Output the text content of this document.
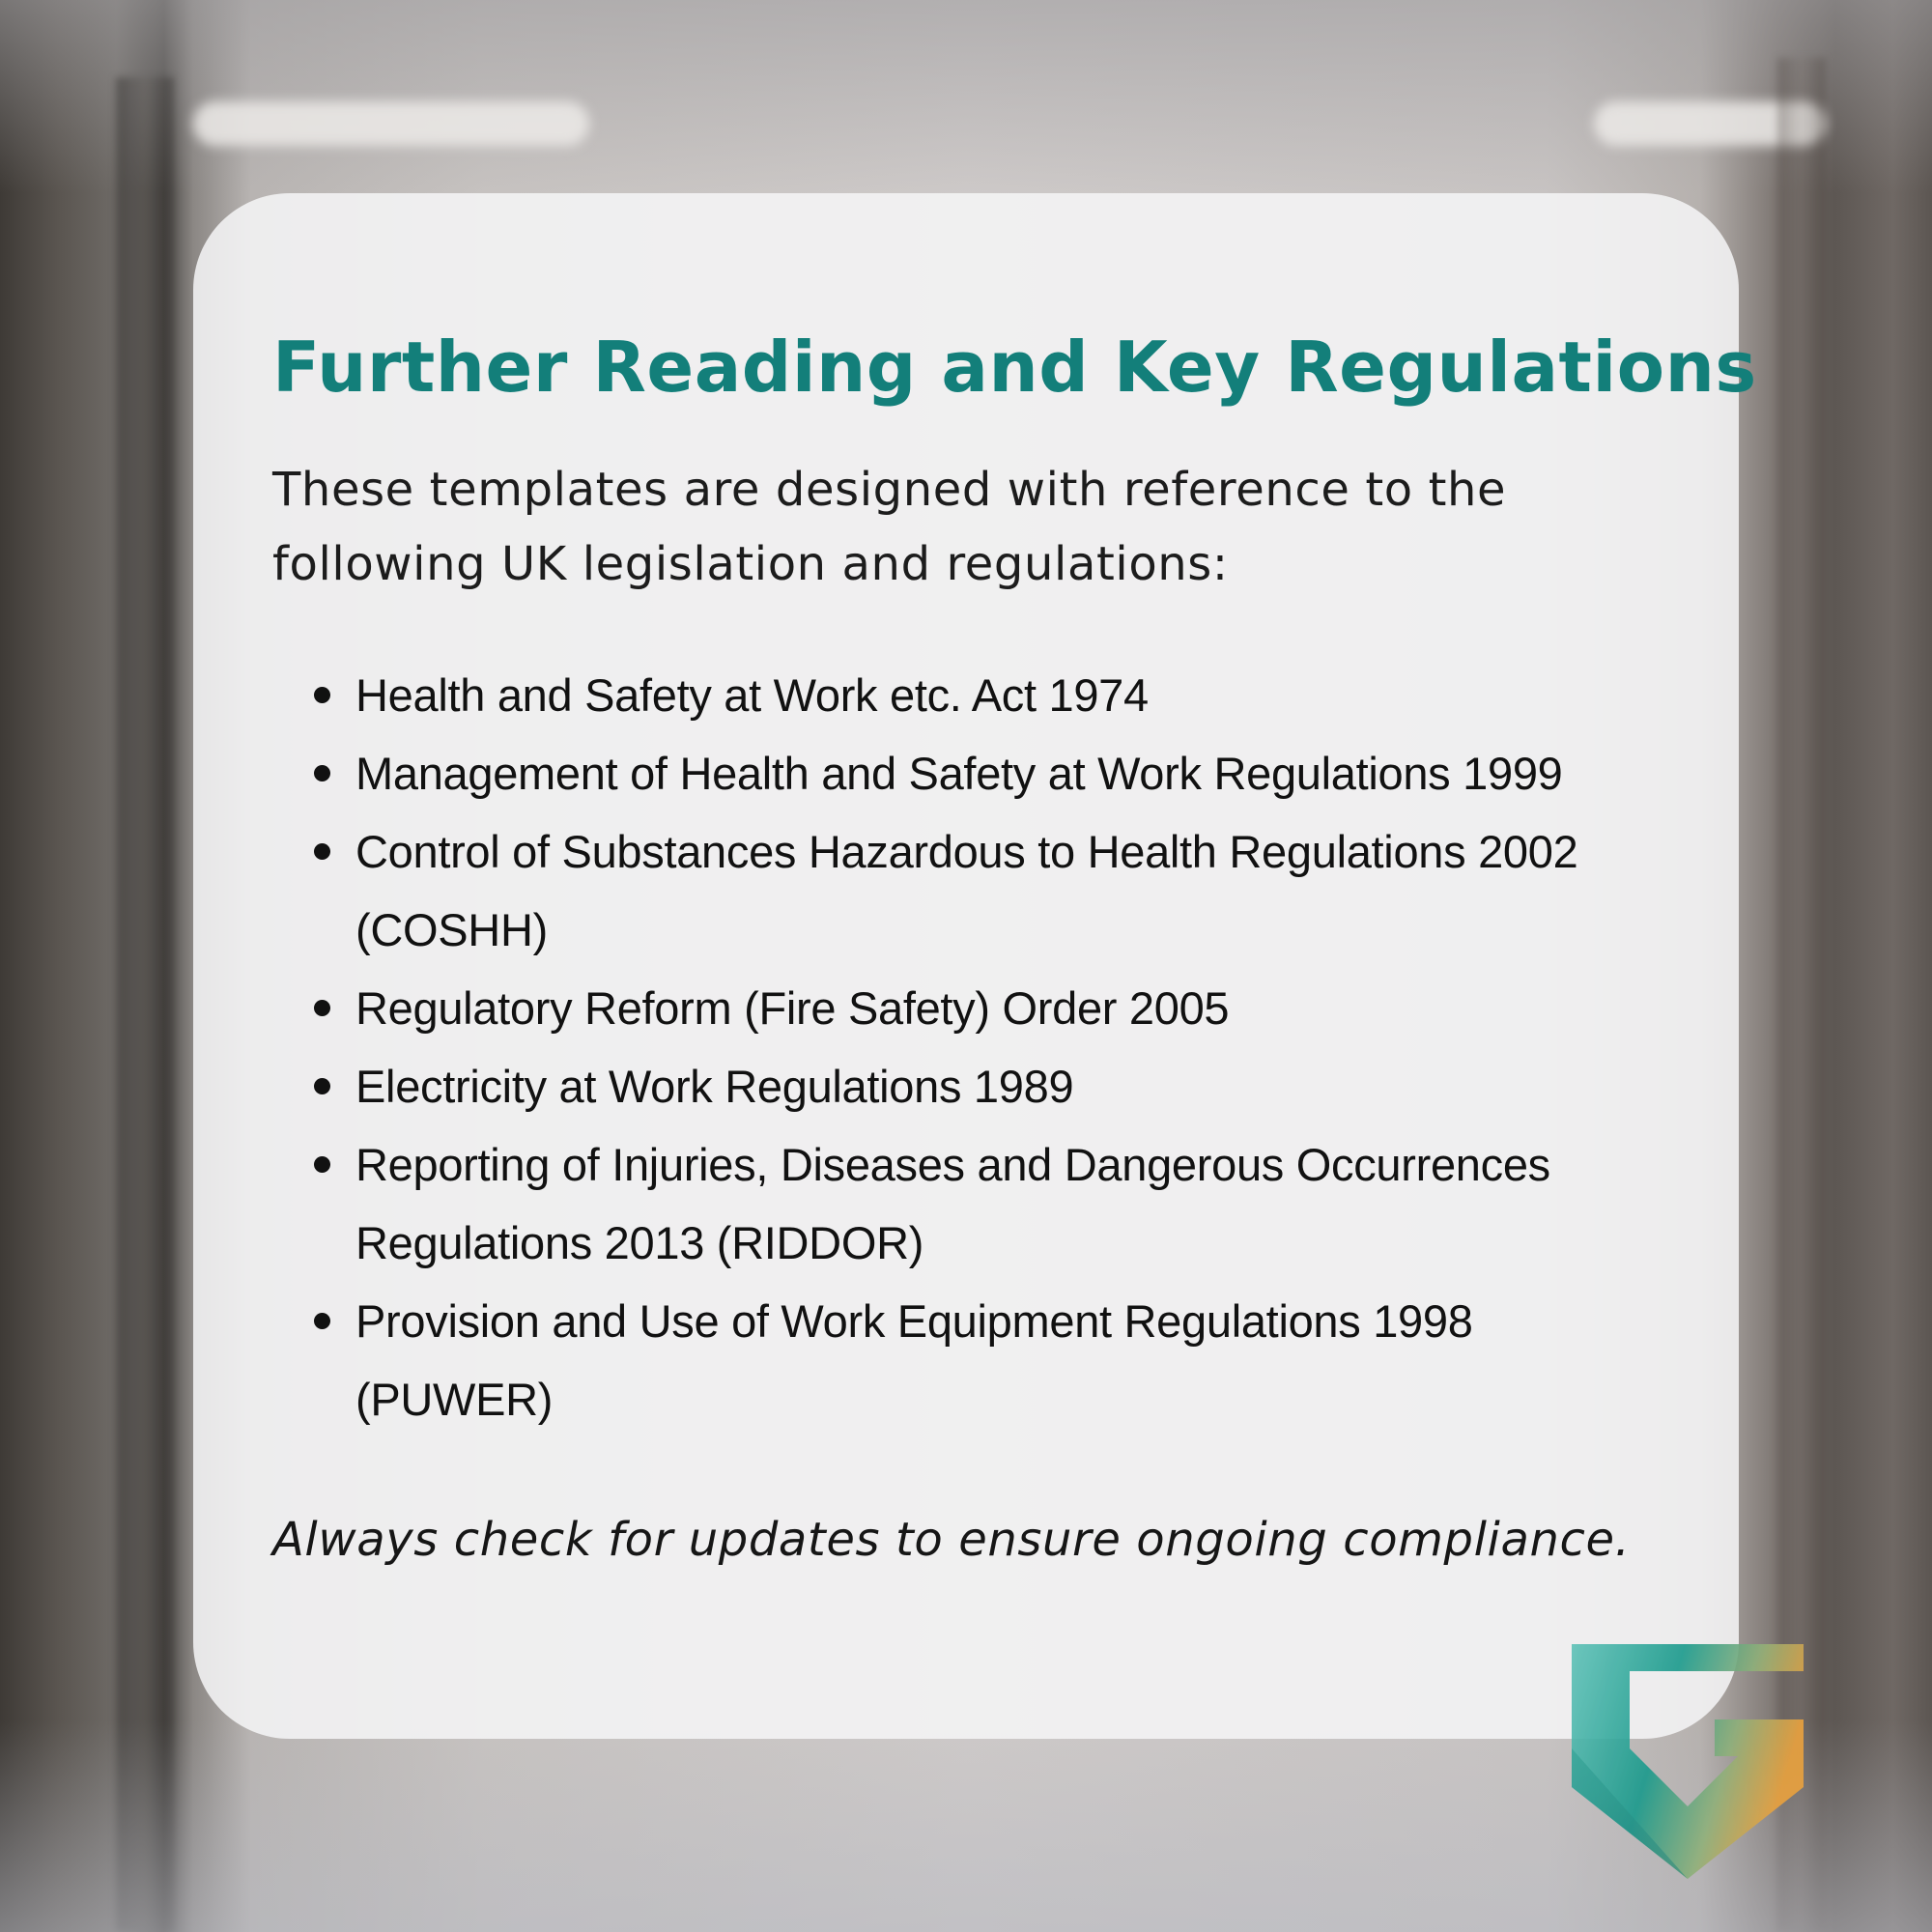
Further Reading and Key Regulations

These templates are designed with reference to the following UK legislation and regulations:

Health and Safety at Work etc. Act 1974
Management of Health and Safety at Work Regulations 1999
Control of Substances Hazardous to Health Regulations 2002 (COSHH)
Regulatory Reform (Fire Safety) Order 2005
Electricity at Work Regulations 1989
Reporting of Injuries, Diseases and Dangerous Occurrences Regulations 2013 (RIDDOR)
Provision and Use of Work Equipment Regulations 1998 (PUWER)

Always check for updates to ensure ongoing compliance.
